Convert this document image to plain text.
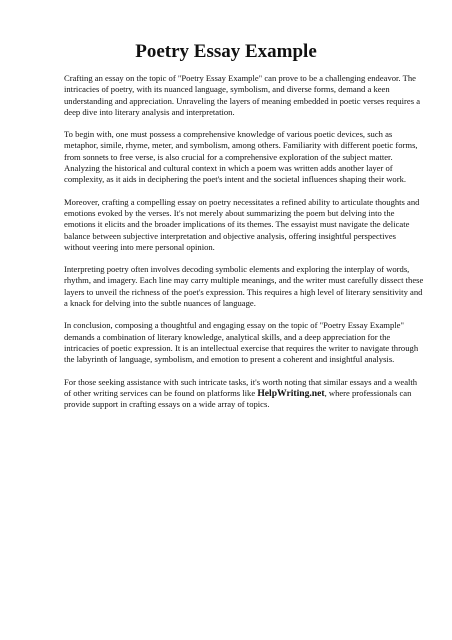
Poetry Essay Example

Crafting an essay on the topic of "Poetry Essay Example" can prove to be a challenging endeavor. The intricacies of poetry, with its nuanced language, symbolism, and diverse forms, demand a keen understanding and appreciation. Unraveling the layers of meaning embedded in poetic verses requires a deep dive into literary analysis and interpretation.

To begin with, one must possess a comprehensive knowledge of various poetic devices, such as metaphor, simile, rhyme, meter, and symbolism, among others. Familiarity with different poetic forms, from sonnets to free verse, is also crucial for a comprehensive exploration of the subject matter. Analyzing the historical and cultural context in which a poem was written adds another layer of complexity, as it aids in deciphering the poet's intent and the societal influences shaping their work.

Moreover, crafting a compelling essay on poetry necessitates a refined ability to articulate thoughts and emotions evoked by the verses. It's not merely about summarizing the poem but delving into the emotions it elicits and the broader implications of its themes. The essayist must navigate the delicate balance between subjective interpretation and objective analysis, offering insightful perspectives without veering into mere personal opinion.

Interpreting poetry often involves decoding symbolic elements and exploring the interplay of words, rhythm, and imagery. Each line may carry multiple meanings, and the writer must carefully dissect these layers to unveil the richness of the poet's expression. This requires a high level of literary sensitivity and a knack for delving into the subtle nuances of language.

In conclusion, composing a thoughtful and engaging essay on the topic of "Poetry Essay Example" demands a combination of literary knowledge, analytical skills, and a deep appreciation for the intricacies of poetic expression. It is an intellectual exercise that requires the writer to navigate through the labyrinth of language, symbolism, and emotion to present a coherent and insightful analysis.

For those seeking assistance with such intricate tasks, it's worth noting that similar essays and a wealth of other writing services can be found on platforms like HelpWriting.net, where professionals can provide support in crafting essays on a wide array of topics.
